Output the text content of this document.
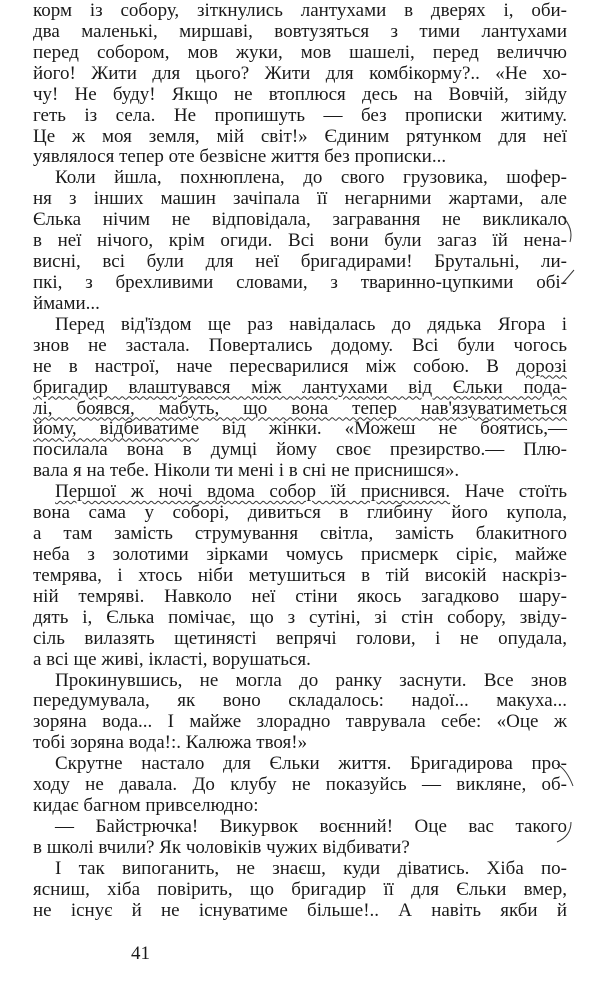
корм із собору, зіткнулись лантухами в дверях і, оби-
два маленькі, миршаві, вовтузяться з тими лантухами
перед собором, мов жуки, мов шашелі, перед величчю
його! Жити для цього? Жити для комбікорму?.. «Не хо-
чу! Не буду! Якщо не втоплюся десь на Вовчій, зійду
геть із села. Не пропишуть — без прописки житиму.
Це ж моя земля, мій світ!» Єдиним рятунком для неї
уявлялося тепер оте безвісне життя без прописки...
Коли йшла, похнюплена, до свого грузовика, шофер-
ня з інших машин зачіпала її негарними жартами, але
Єлька нічим не відповідала, загравання не викликало
в неї нічого, крім огиди. Всі вони були загаз їй нена-
висні, всі були для неї бригадирами! Брутальні, ли-
пкі, з брехливими словами, з тваринно-цупкими обі-
ймами...
Перед від'їздом ще раз навідалась до дядька Ягора і
знов не застала. Повертались додому. Всі були чогось
не в настрої, наче пересварилися між собою. В дорозі
бригадир влаштувався між лантухами від Єльки пода-
лі, боявся, мабуть, що вона тепер нав'язуватиметься
йому, відбиватиме від жінки. «Можеш не боятись,—
посилала вона в думці йому своє презирство.— Плю-
вала я на тебе. Ніколи ти мені і в сні не приснишся».
Першої ж ночі вдома собор їй приснився. Наче стоїть
вона сама у соборі, дивиться в глибину його купола,
а там замість струмування світла, замість блакитного
неба з золотими зірками чомусь присмерк сіріє, майже
темрява, і хтось ніби метушиться в тій високій наскріз-
ній темряві. Навколо неї стіни якось загадково шару-
дять і, Єлька помічає, що з сутіні, зі стін собору, звіду-
сіль вилазять щетинясті вепрячі голови, і не опудала,
а всі ще живі, ікласті, ворушаться.
Прокинувшись, не могла до ранку заснути. Все знов
передумувала, як воно складалось: надої... макуха...
зоряна вода... І майже злорадно таврувала себе: «Оце ж
тобі зоряна вода!:. Калюжа твоя!»
Скрутне настало для Єльки життя. Бригадирова про-
ходу не давала. До клубу не показуйсь — викляне, об-
кидає багном привселюдно:
— Байстрючка! Викурвок воєнний! Оце вас такого
в школі вчили? Як чоловіків чужих відбивати?
І так випоганить, не знаєш, куди діватись. Хіба по-
ясниш, хіба повірить, що бригадир її для Єльки вмер,
не існує й не існуватиме більше!.. А навіть якби й
41
